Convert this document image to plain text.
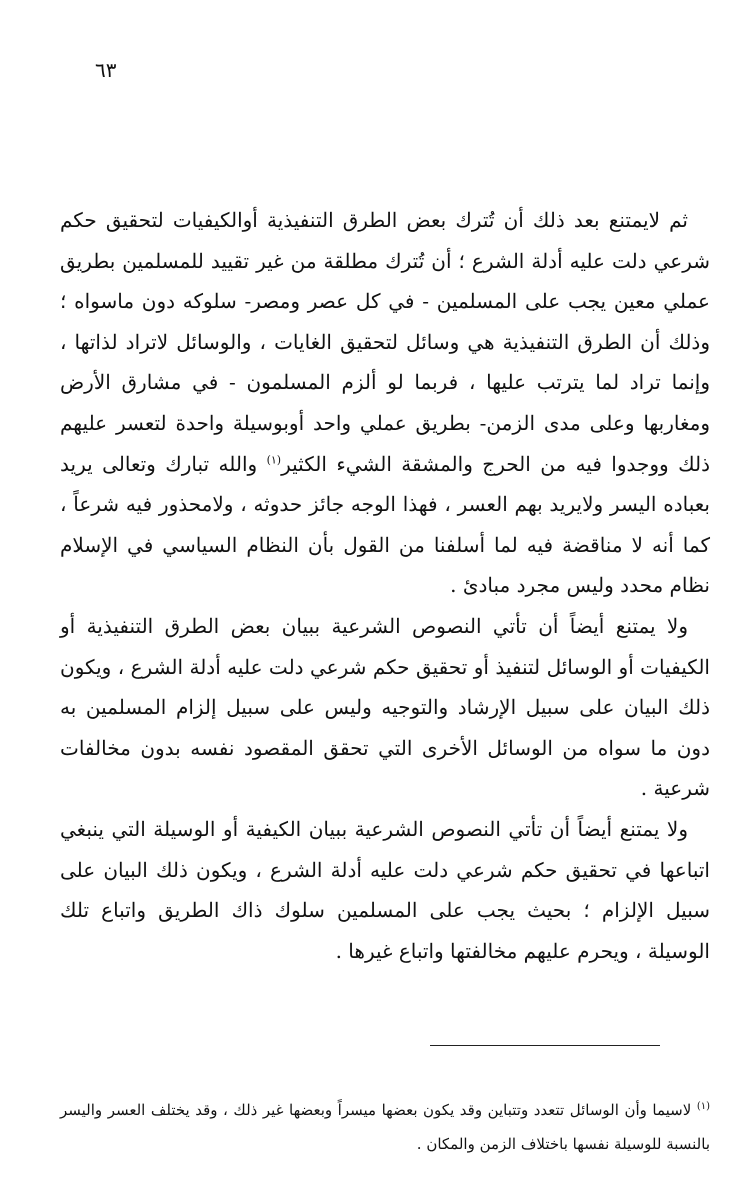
٦٣

ثم لايمتنع بعد ذلك أن تُترك بعض الطرق التنفيذية أوالكيفيات لتحقيق حكم شرعي دلت عليه أدلة الشرع ؛ أن تُترك مطلقة من غير تقييد للمسلمين بطريق عملي معين يجب على المسلمين - في كل عصر ومصر- سلوكه دون ماسواه ؛ وذلك أن الطرق التنفيذية هي وسائل لتحقيق الغايات ، والوسائل لاتراد لذاتها ، وإنما تراد لما يترتب عليها ، فربما لو ألزم المسلمون - في مشارق الأرض ومغاربها وعلى مدى الزمن- بطريق عملي واحد أوبوسيلة واحدة لتعسر عليهم ذلك ووجدوا فيه من الحرج والمشقة الشيء الكثير$^{(١)}$ والله تبارك وتعالى يريد بعباده اليسر ولايريد بهم العسر ، فهذا الوجه جائز حدوثه ، ولامحذور فيه شرعاً ، كما أنه لا مناقضة فيه لما أسلفنا من القول بأن النظام السياسي في الإسلام نظام محدد وليس مجرد مبادئ .

ولا يمتنع أيضاً أن تأتي النصوص الشرعية ببيان بعض الطرق التنفيذية أو الكيفيات أو الوسائل لتنفيذ أو تحقيق حكم شرعي دلت عليه أدلة الشرع ، ويكون ذلك البيان على سبيل الإرشاد والتوجيه وليس على سبيل إلزام المسلمين به دون ما سواه من الوسائل الأخرى التي تحقق المقصود نفسه بدون مخالفات شرعية .

ولا يمتنع أيضاً أن تأتي النصوص الشرعية ببيان الكيفية أو الوسيلة التي ينبغي اتباعها في تحقيق حكم شرعي دلت عليه أدلة الشرع ، ويكون ذلك البيان على سبيل الإلزام ؛ بحيث يجب على المسلمين سلوك ذاك الطريق واتباع تلك الوسيلة ، ويحرم عليهم مخالفتها واتباع غيرها .

$^{(١)}$ لاسيما وأن الوسائل تتعدد وتتباين وقد يكون بعضها ميسراً وبعضها غير ذلك ، وقد يختلف العسر واليسر بالنسبة للوسيلة نفسها باختلاف الزمن والمكان .
